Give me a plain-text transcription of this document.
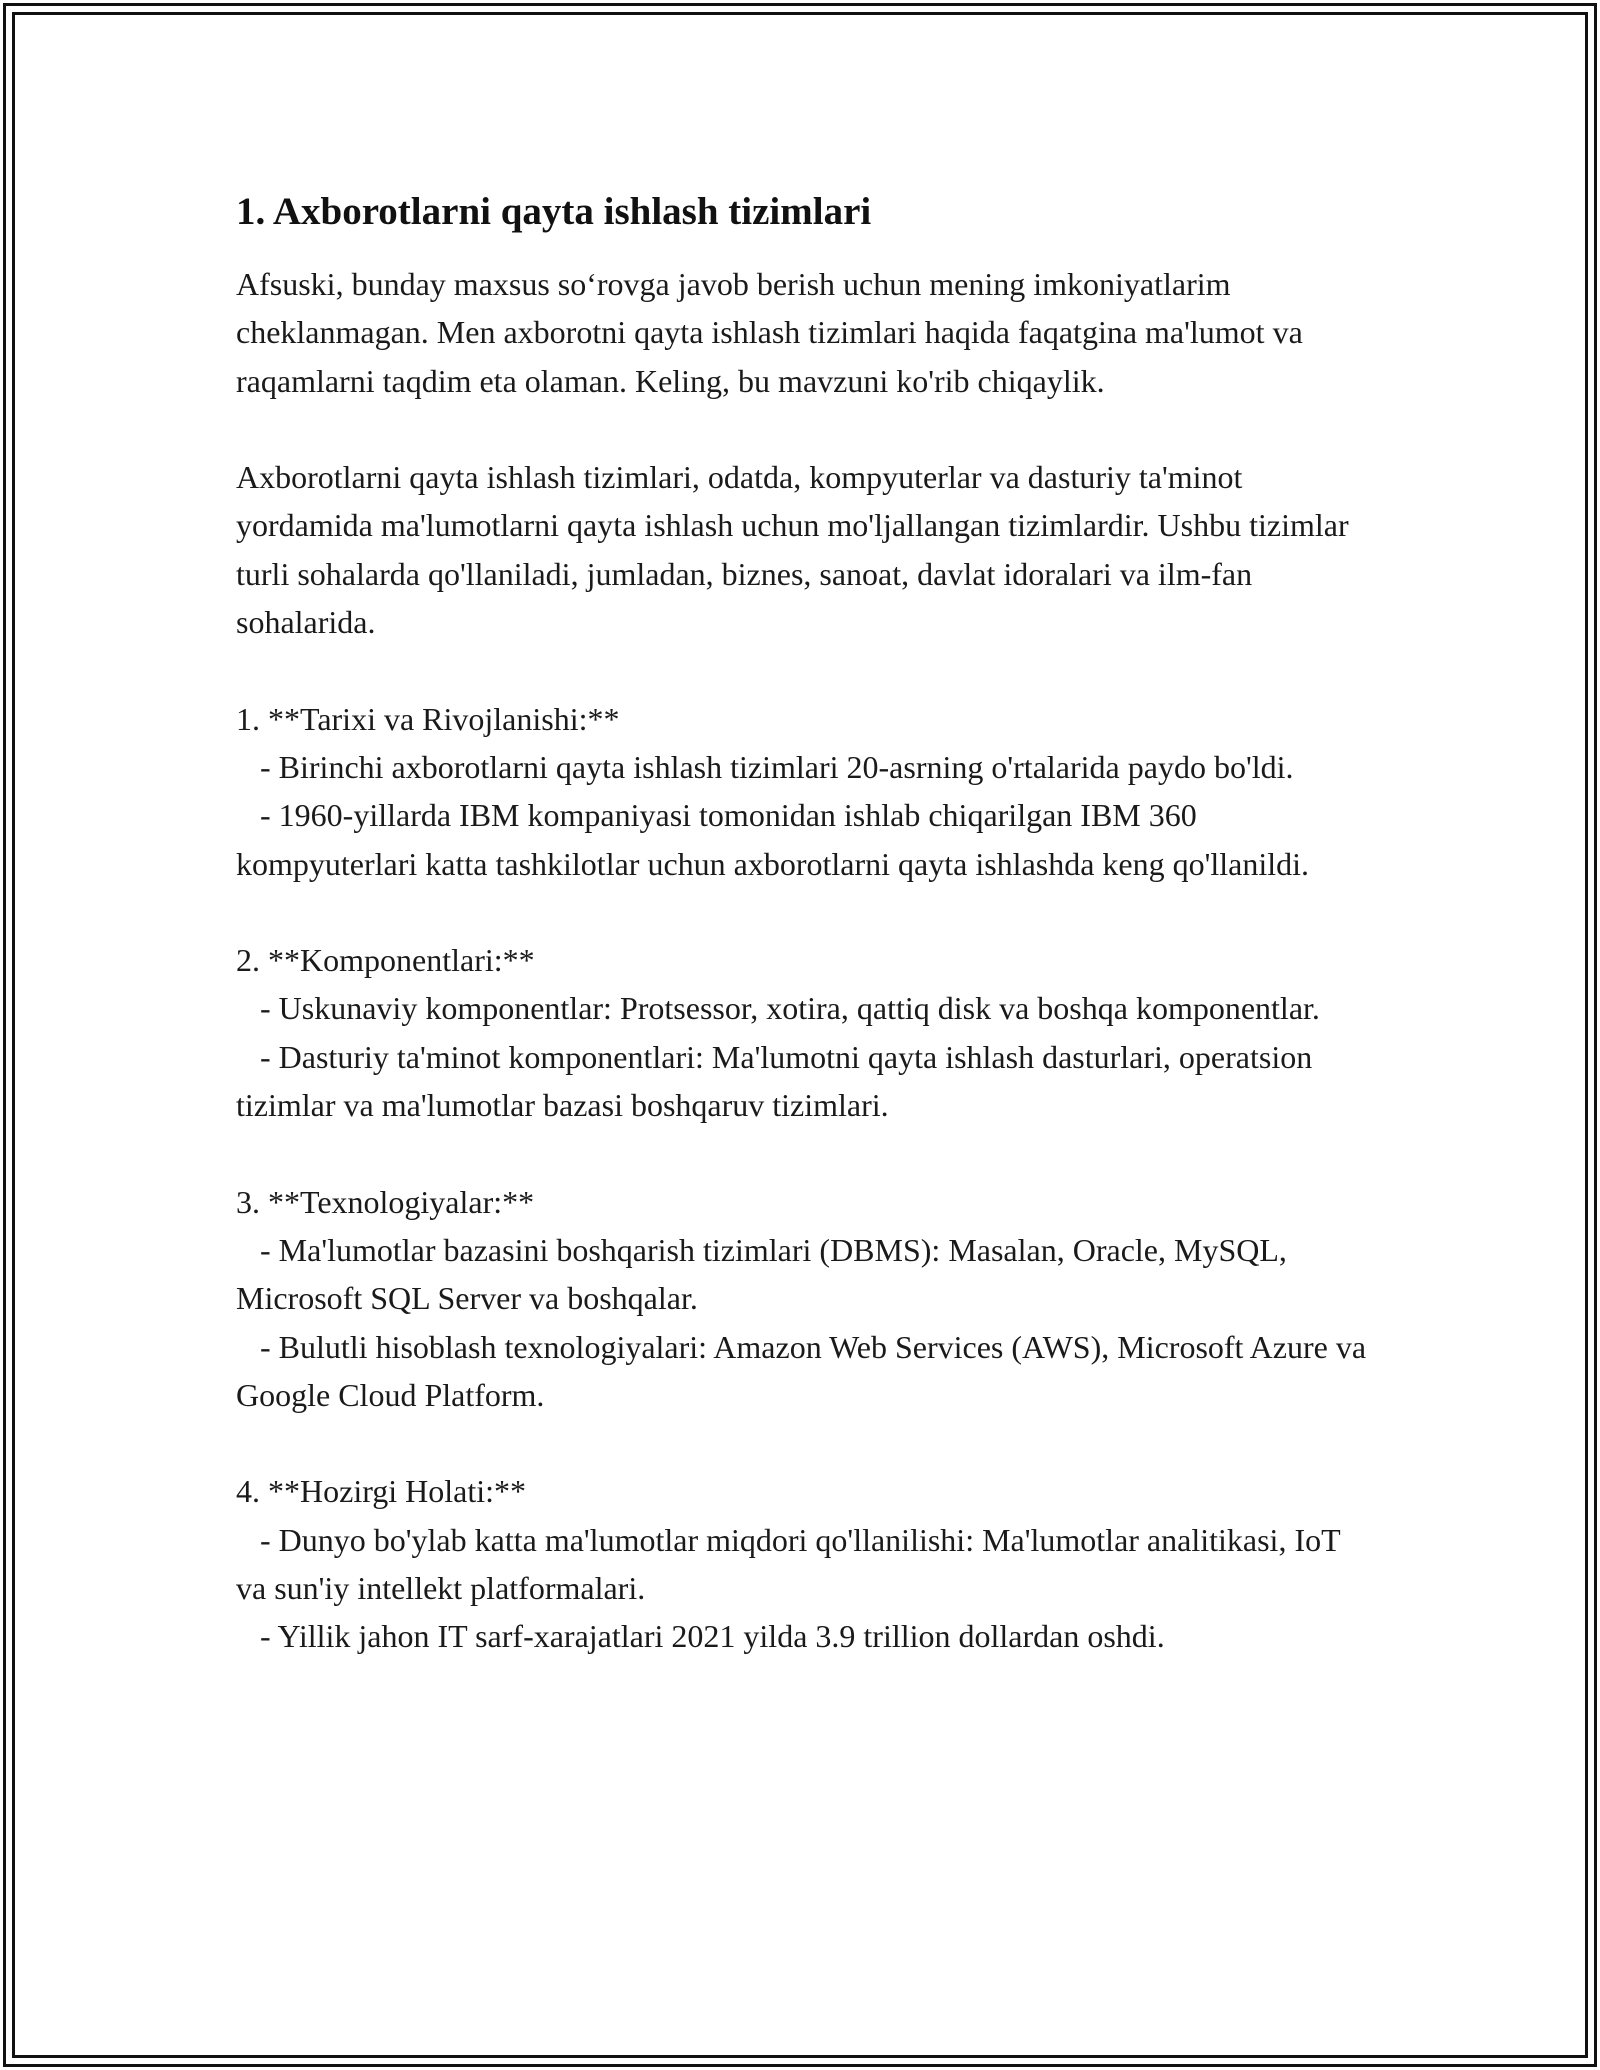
1. Axborotlarni qayta ishlash tizimlari
Afsuski, bunday maxsus so‘rovga javob berish uchun mening imkoniyatlarim cheklanmagan. Men axborotni qayta ishlash tizimlari haqida faqatgina ma'lumot va raqamlarni taqdim eta olaman. Keling, bu mavzuni ko'rib chiqaylik.

Axborotlarni qayta ishlash tizimlari, odatda, kompyuterlar va dasturiy ta'minot yordamida ma'lumotlarni qayta ishlash uchun mo'ljallangan tizimlardir. Ushbu tizimlar turli sohalarda qo'llaniladi, jumladan, biznes, sanoat, davlat idoralari va ilm-fan sohalarida.

1. **Tarixi va Rivojlanishi:**
- Birinchi axborotlarni qayta ishlash tizimlari 20-asrning o'rtalarida paydo bo'ldi.
- 1960-yillarda IBM kompaniyasi tomonidan ishlab chiqarilgan IBM 360 kompyuterlari katta tashkilotlar uchun axborotlarni qayta ishlashda keng qo'llanildi.

2. **Komponentlari:**
- Uskunaviy komponentlar: Protsessor, xotira, qattiq disk va boshqa komponentlar.
- Dasturiy ta'minot komponentlari: Ma'lumotni qayta ishlash dasturlari, operatsion tizimlar va ma'lumotlar bazasi boshqaruv tizimlari.

3. **Texnologiyalar:**
- Ma'lumotlar bazasini boshqarish tizimlari (DBMS): Masalan, Oracle, MySQL, Microsoft SQL Server va boshqalar.
- Bulutli hisoblash texnologiyalari: Amazon Web Services (AWS), Microsoft Azure va Google Cloud Platform.

4. **Hozirgi Holati:**
- Dunyo bo'ylab katta ma'lumotlar miqdori qo'llanilishi: Ma'lumotlar analitikasi, IoT va sun'iy intellekt platformalari.
- Yillik jahon IT sarf-xarajatlari 2021 yilda 3.9 trillion dollardan oshdi.
